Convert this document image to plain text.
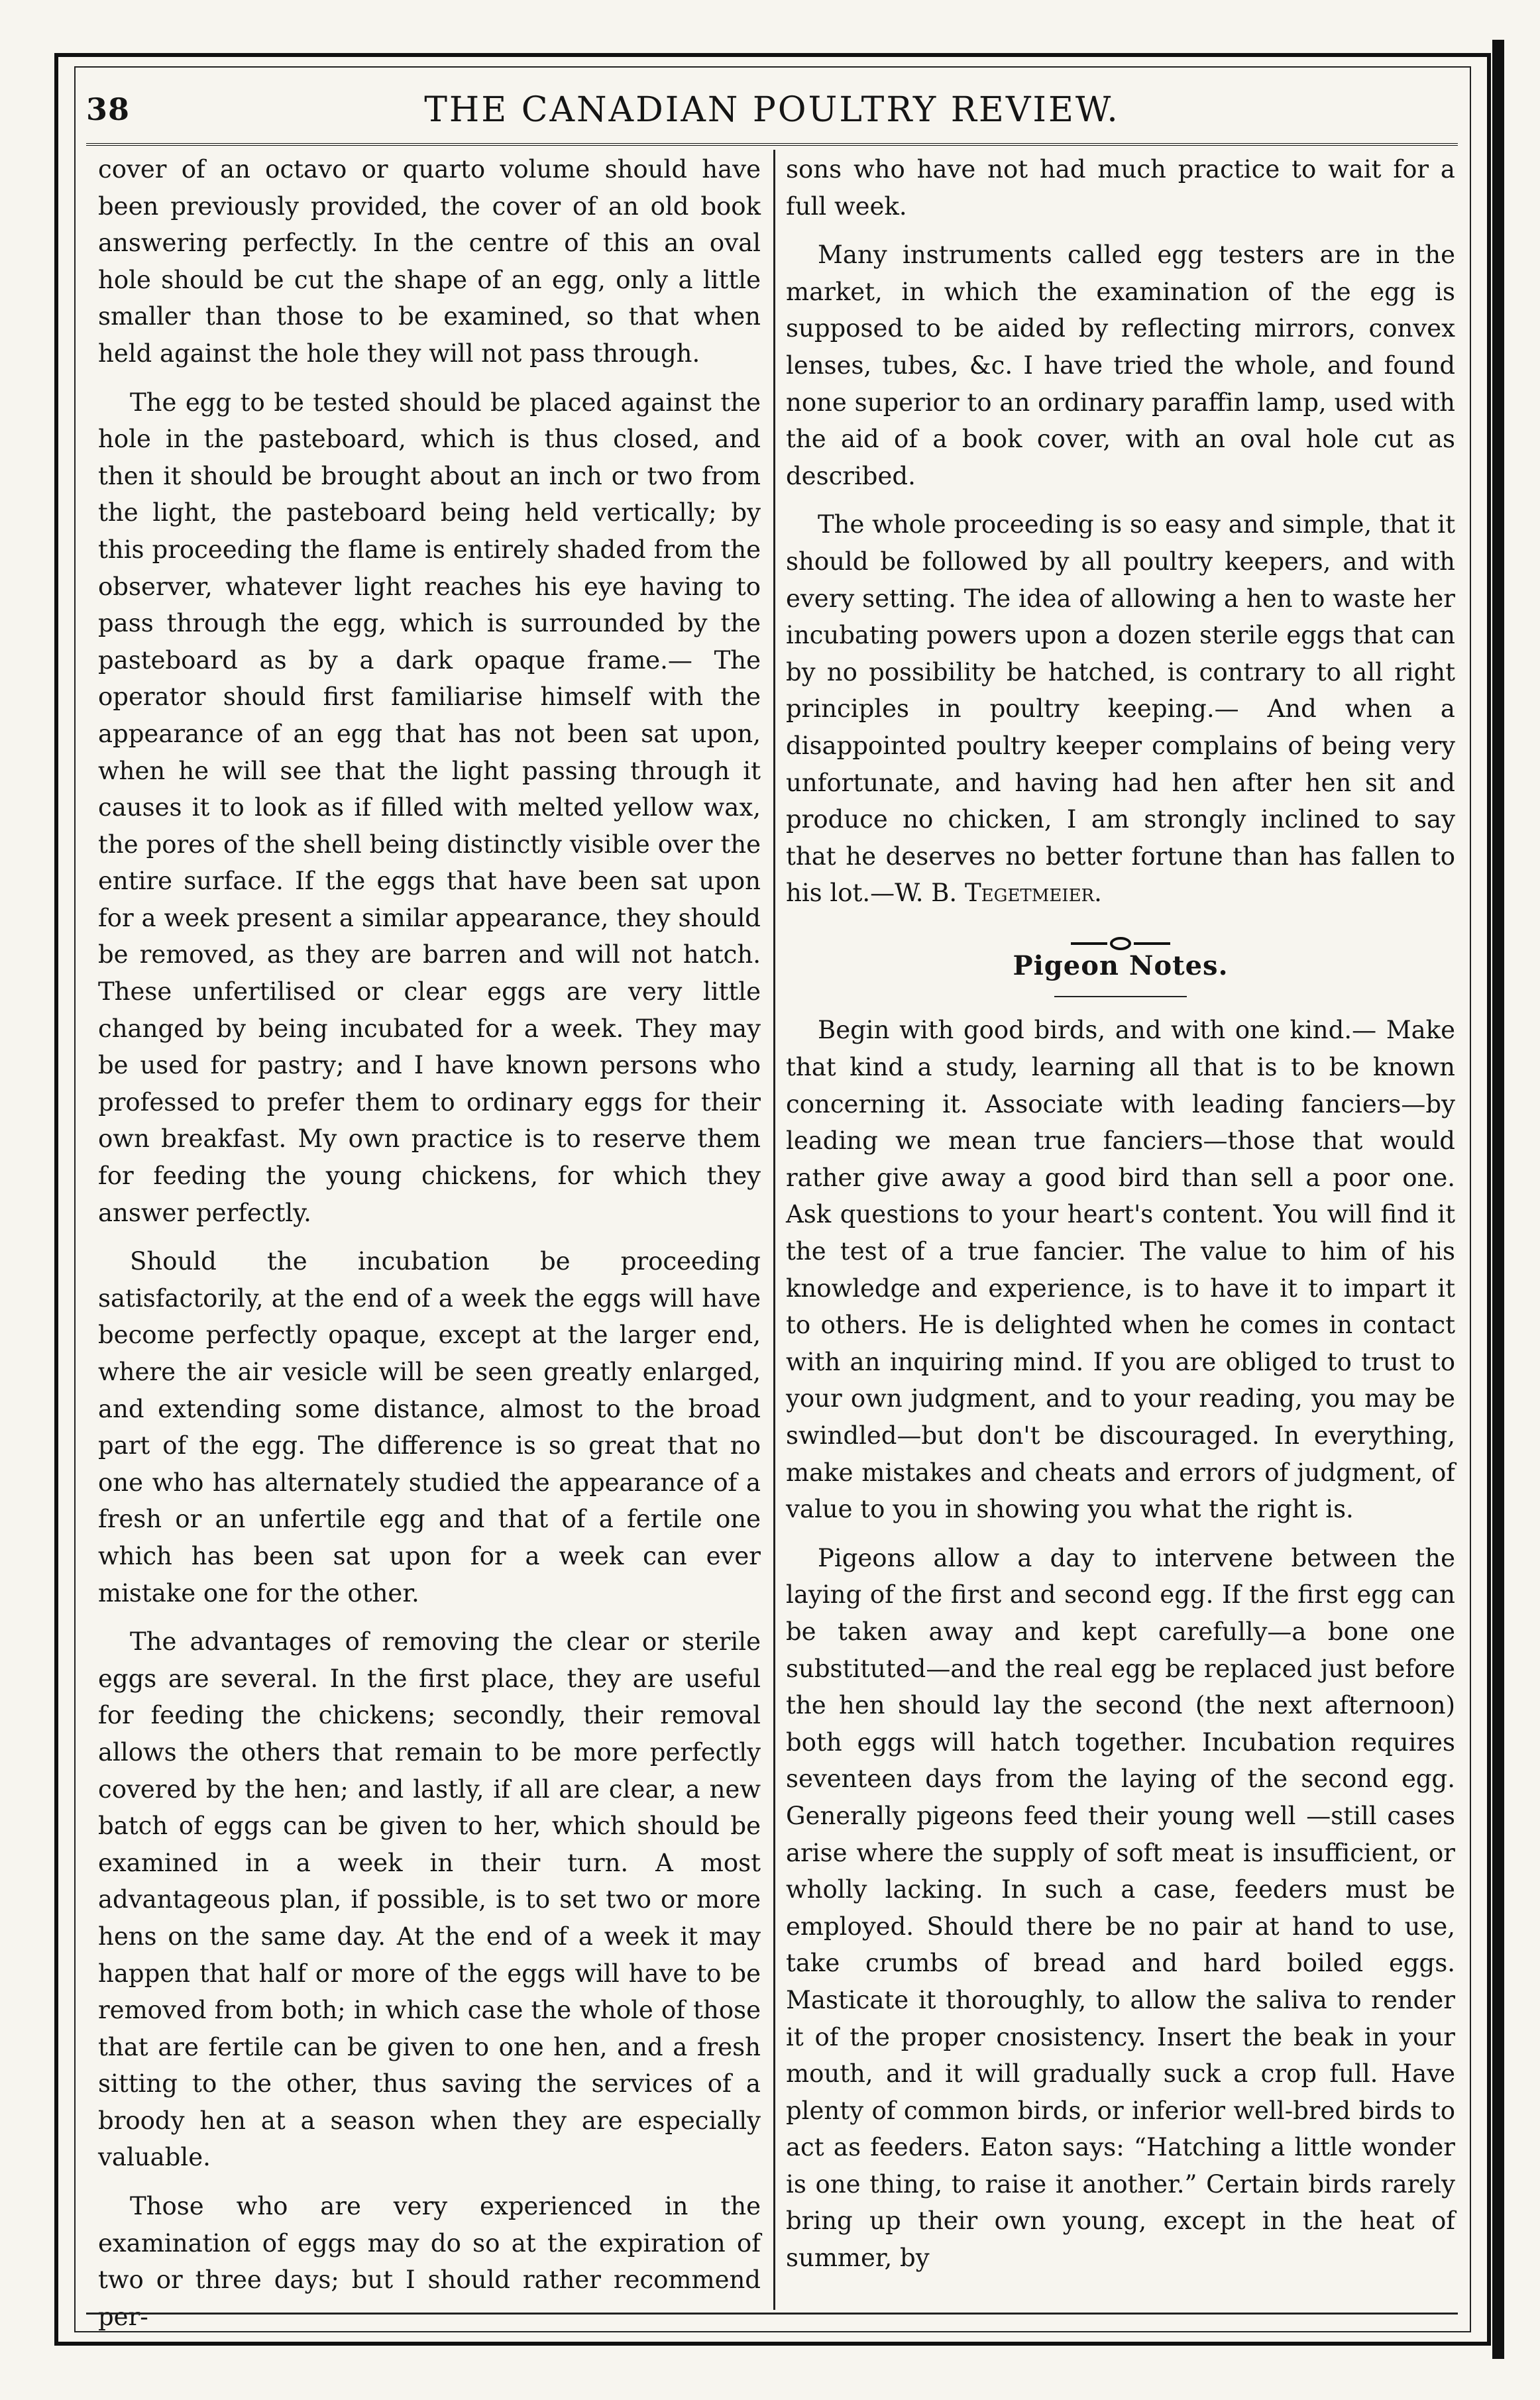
38	THE CANADIAN POULTRY REVIEW.

cover of an octavo or quarto volume should have been previously provided, the cover of an old book answering perfectly. In the centre of this an oval hole should be cut the shape of an egg, only a little smaller than those to be examined, so that when held against the hole they will not pass through.

The egg to be tested should be placed against the hole in the pasteboard, which is thus closed, and then it should be brought about an inch or two from the light, the pasteboard being held vertically; by this proceeding the flame is entirely shaded from the observer, whatever light reaches his eye having to pass through the egg, which is surrounded by the pasteboard as by a dark opaque frame.— The operator should first familiarise himself with the appearance of an egg that has not been sat upon, when he will see that the light passing through it causes it to look as if filled with melted yellow wax, the pores of the shell being distinctly visible over the entire surface. If the eggs that have been sat upon for a week present a similar appearance, they should be removed, as they are barren and will not hatch. These unfertilised or clear eggs are very little changed by being incubated for a week. They may be used for pastry; and I have known persons who professed to prefer them to ordinary eggs for their own breakfast. My own practice is to reserve them for feeding the young chickens, for which they answer perfectly.

Should the incubation be proceeding satisfactorily, at the end of a week the eggs will have become perfectly opaque, except at the larger end, where the air vesicle will be seen greatly enlarged, and extending some distance, almost to the broad part of the egg. The difference is so great that no one who has alternately studied the appearance of a fresh or an unfertile egg and that of a fertile one which has been sat upon for a week can ever mistake one for the other.

The advantages of removing the clear or sterile eggs are several. In the first place, they are useful for feeding the chickens; secondly, their removal allows the others that remain to be more perfectly covered by the hen; and lastly, if all are clear, a new batch of eggs can be given to her, which should be examined in a week in their turn. A most advantageous plan, if possible, is to set two or more hens on the same day. At the end of a week it may happen that half or more of the eggs will have to be removed from both; in which case the whole of those that are fertile can be given to one hen, and a fresh sitting to the other, thus saving the services of a broody hen at a season when they are especially valuable.

Those who are very experienced in the examination of eggs may do so at the expiration of two or three days; but I should rather recommend per-

sons who have not had much practice to wait for a full week.

Many instruments called egg testers are in the market, in which the examination of the egg is supposed to be aided by reflecting mirrors, convex lenses, tubes, &c. I have tried the whole, and found none superior to an ordinary paraffin lamp, used with the aid of a book cover, with an oval hole cut as described.

The whole proceeding is so easy and simple, that it should be followed by all poultry keepers, and with every setting. The idea of allowing a hen to waste her incubating powers upon a dozen sterile eggs that can by no possibility be hatched, is contrary to all right principles in poultry keeping.— And when a disappointed poultry keeper complains of being very unfortunate, and having had hen after hen sit and produce no chicken, I am strongly inclined to say that he deserves no better fortune than has fallen to his lot.—W. B. Tegetmeier.

Pigeon Notes.

Begin with good birds, and with one kind.— Make that kind a study, learning all that is to be known concerning it. Associate with leading fanciers—by leading we mean true fanciers—those that would rather give away a good bird than sell a poor one. Ask questions to your heart's content. You will find it the test of a true fancier. The value to him of his knowledge and experience, is to have it to impart it to others. He is delighted when he comes in contact with an inquiring mind. If you are obliged to trust to your own judgment, and to your reading, you may be swindled—but don't be discouraged. In everything, make mistakes and cheats and errors of judgment, of value to you in showing you what the right is.

Pigeons allow a day to intervene between the laying of the first and second egg. If the first egg can be taken away and kept carefully—a bone one substituted—and the real egg be replaced just before the hen should lay the second (the next afternoon) both eggs will hatch together. Incubation requires seventeen days from the laying of the second egg. Generally pigeons feed their young well —still cases arise where the supply of soft meat is insufficient, or wholly lacking. In such a case, feeders must be employed. Should there be no pair at hand to use, take crumbs of bread and hard boiled eggs. Masticate it thoroughly, to allow the saliva to render it of the proper cnosistency. Insert the beak in your mouth, and it will gradually suck a crop full. Have plenty of common birds, or inferior well-bred birds to act as feeders. Eaton says: “Hatching a little wonder is one thing, to raise it another.” Certain birds rarely bring up their own young, except in the heat of summer, by
